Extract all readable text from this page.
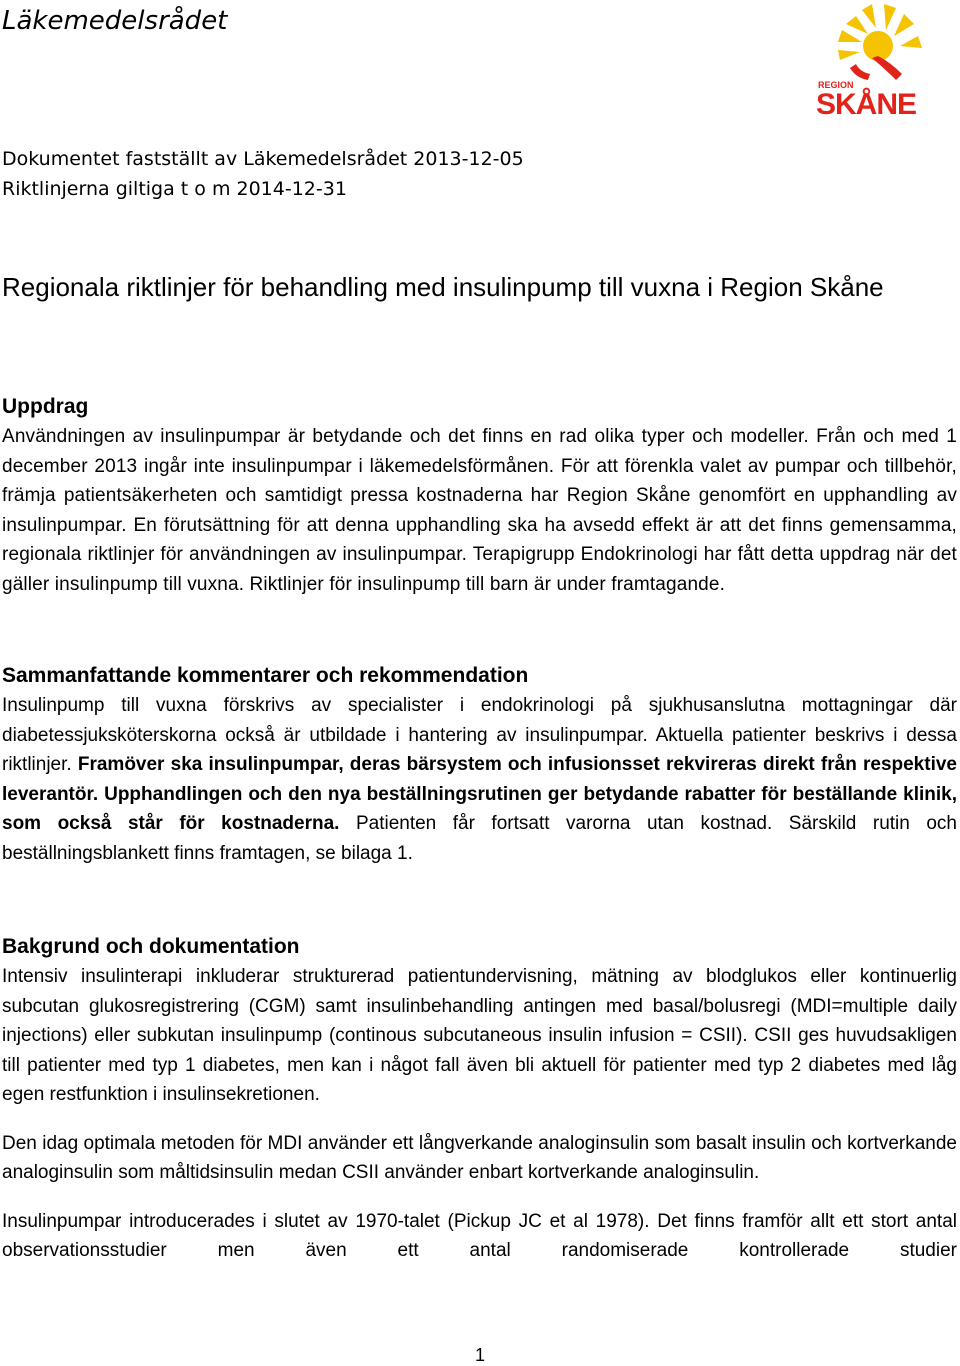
Läkemedelsrådet
REGION
SKÅNE
Dokumentet fastställt av Läkemedelsrådet 2013-12-05
Riktlinjerna giltiga t o m 2014-12-31
Regionala riktlinjer för behandling med insulinpump till vuxna i Region Skåne
Uppdrag

Användningen av insulinpumpar är betydande och det finns en rad olika typer och modeller. Från och med 1 december 2013 ingår inte insulinpumpar i läkemedelsförmånen. För att förenkla valet av pumpar och tillbehör, främja patientsäkerheten och samtidigt pressa kostnaderna har Region Skåne genomfört en upphandling av insulinpumpar. En förutsättning för att denna upphandling ska ha avsedd effekt är att det finns gemensamma, regionala riktlinjer för användningen av insulinpumpar. Terapigrupp Endokrinologi har fått detta uppdrag när det gäller insulinpump till vuxna. Riktlinjer för insulinpump till barn är under framtagande.

Sammanfattande kommentarer och rekommendation

Insulinpump till vuxna förskrivs av specialister i endokrinologi på sjukhusanslutna mottagningar där diabetessjuksköterskorna också är utbildade i hantering av insulinpumpar. Aktuella patienter beskrivs i dessa riktlinjer. Framöver ska insulinpumpar, deras bärsystem och infusionsset rekvireras direkt från respektive leverantör. Upphandlingen och den nya beställningsrutinen ger betydande rabatter för beställande klinik, som också står för kostnaderna. Patienten får fortsatt varorna utan kostnad. Särskild rutin och beställningsblankett finns framtagen, se bilaga 1.

Bakgrund och dokumentation

Intensiv insulinterapi inkluderar strukturerad patientundervisning, mätning av blodglukos eller kontinuerlig subcutan glukosregistrering (CGM) samt insulinbehandling antingen med basal/bolusregi (MDI=multiple daily injections) eller subkutan insulinpump (continous subcutaneous insulin infusion = CSII). CSII ges huvudsakligen till patienter med typ 1 diabetes, men kan i något fall även bli aktuell för patienter med typ 2 diabetes med låg egen restfunktion i insulinsekretionen.

Den idag optimala metoden för MDI använder ett långverkande analoginsulin som basalt insulin och kortverkande analoginsulin som måltidsinsulin medan CSII använder enbart kortverkande analoginsulin.

Insulinpumpar introducerades i slutet av 1970-talet (Pickup JC et al 1978). Det finns framför allt ett stort antal observationsstudier men även ett antal randomiserade kontrollerade studier

1
